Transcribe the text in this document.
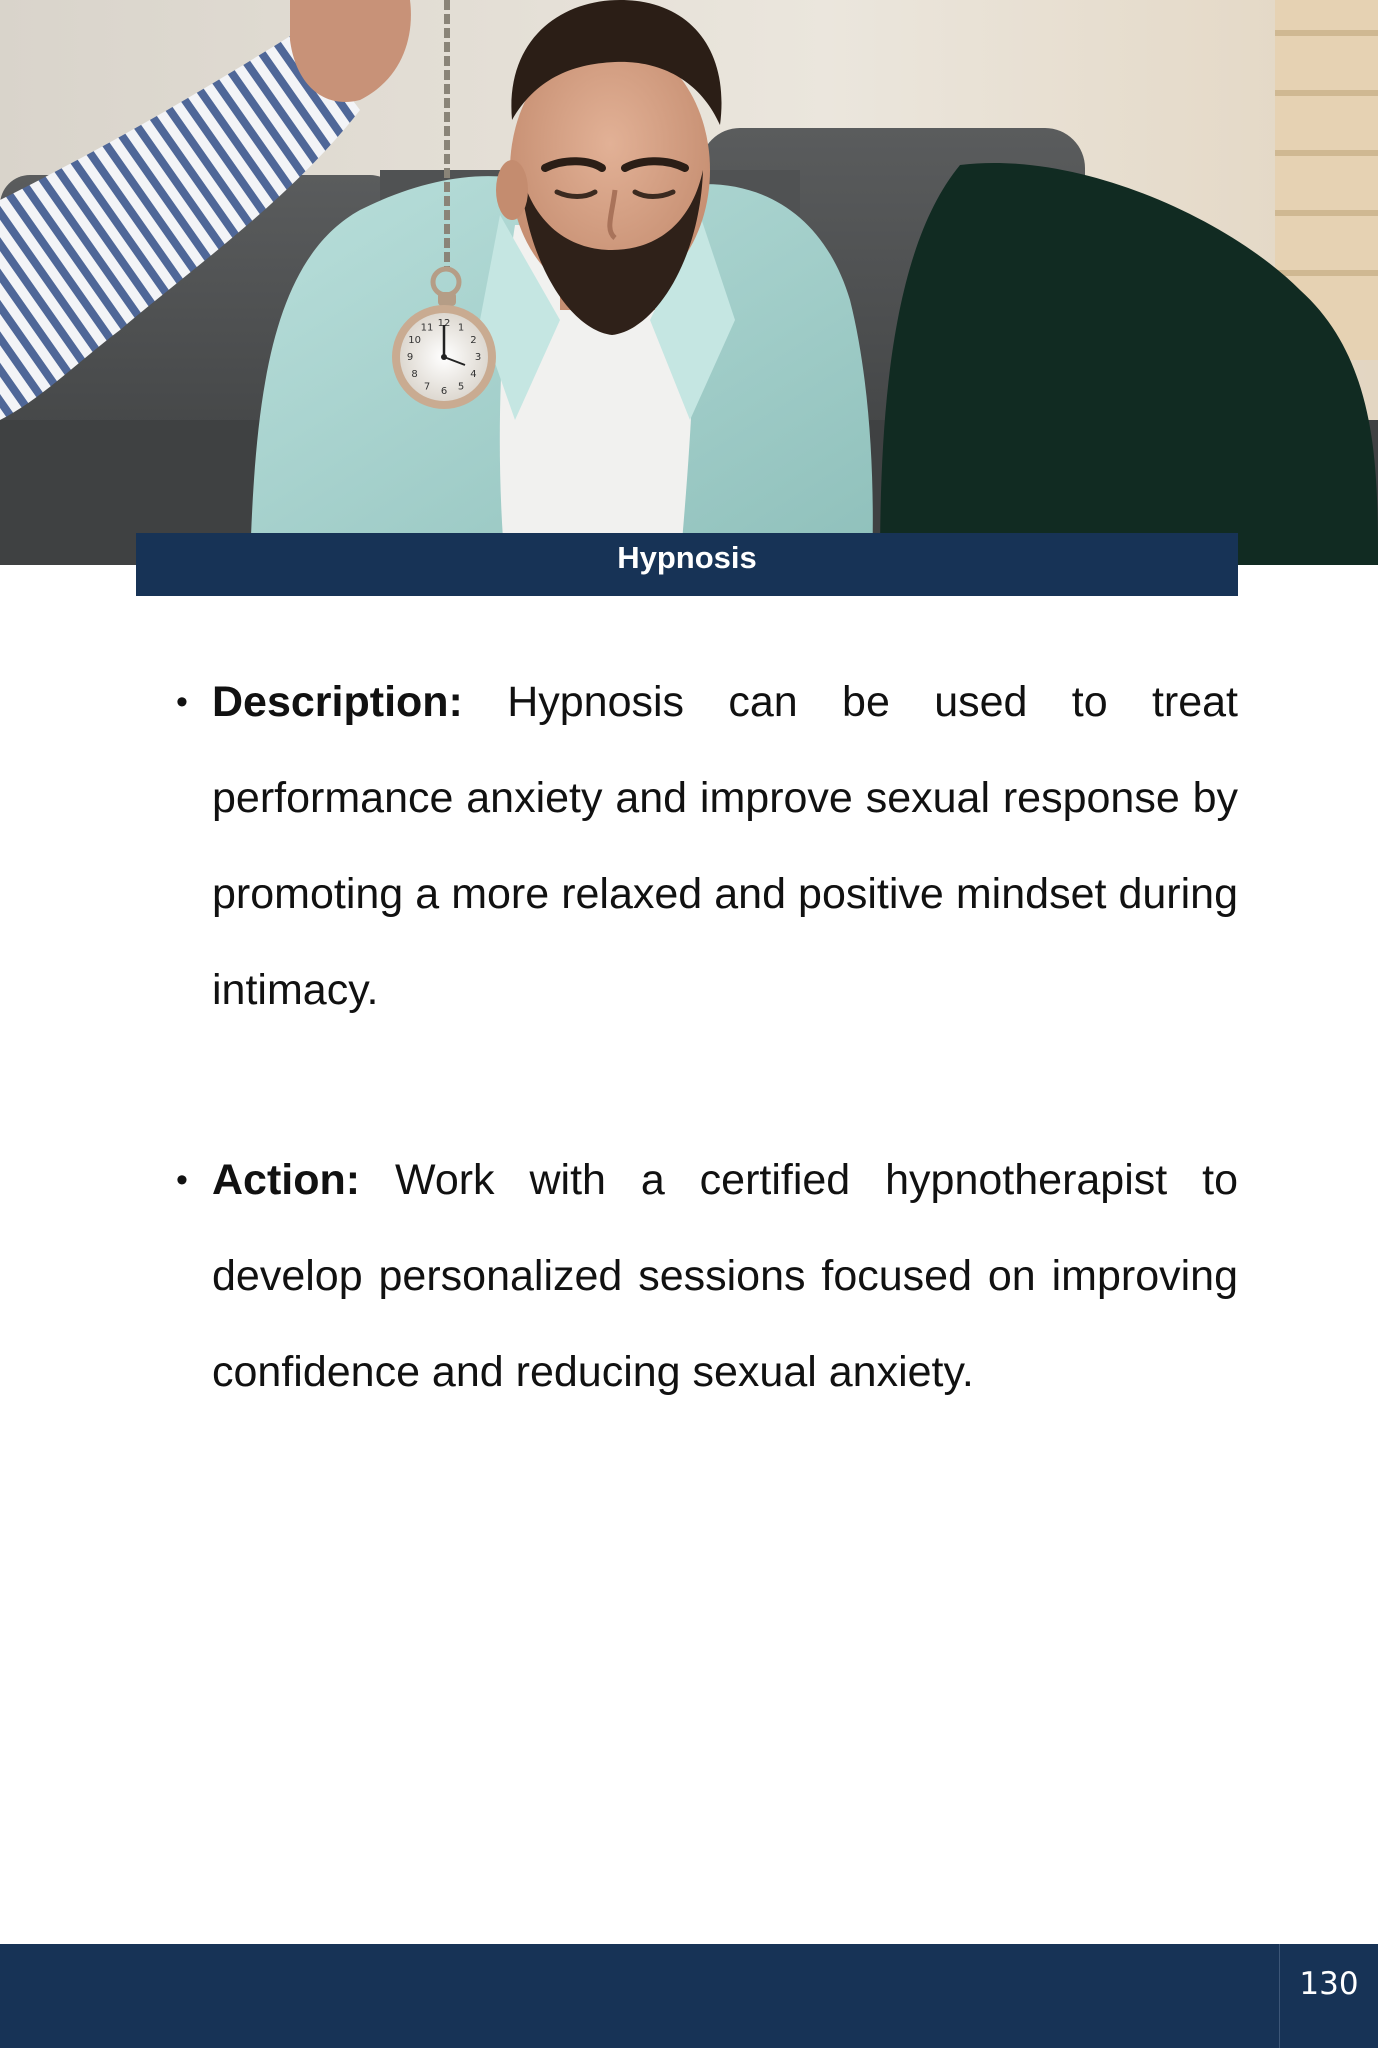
12 1
2
3
4
5
6
7
8
9
10
11
Hypnosis
• Description: Hypnosis can be used to treat performance anxiety and improve sexual response by promoting a more relaxed and positive mindset during intimacy.
• Action: Work with a certified hypnotherapist to develop personalized sessions focused on improving confidence and reducing sexual anxiety.
130
